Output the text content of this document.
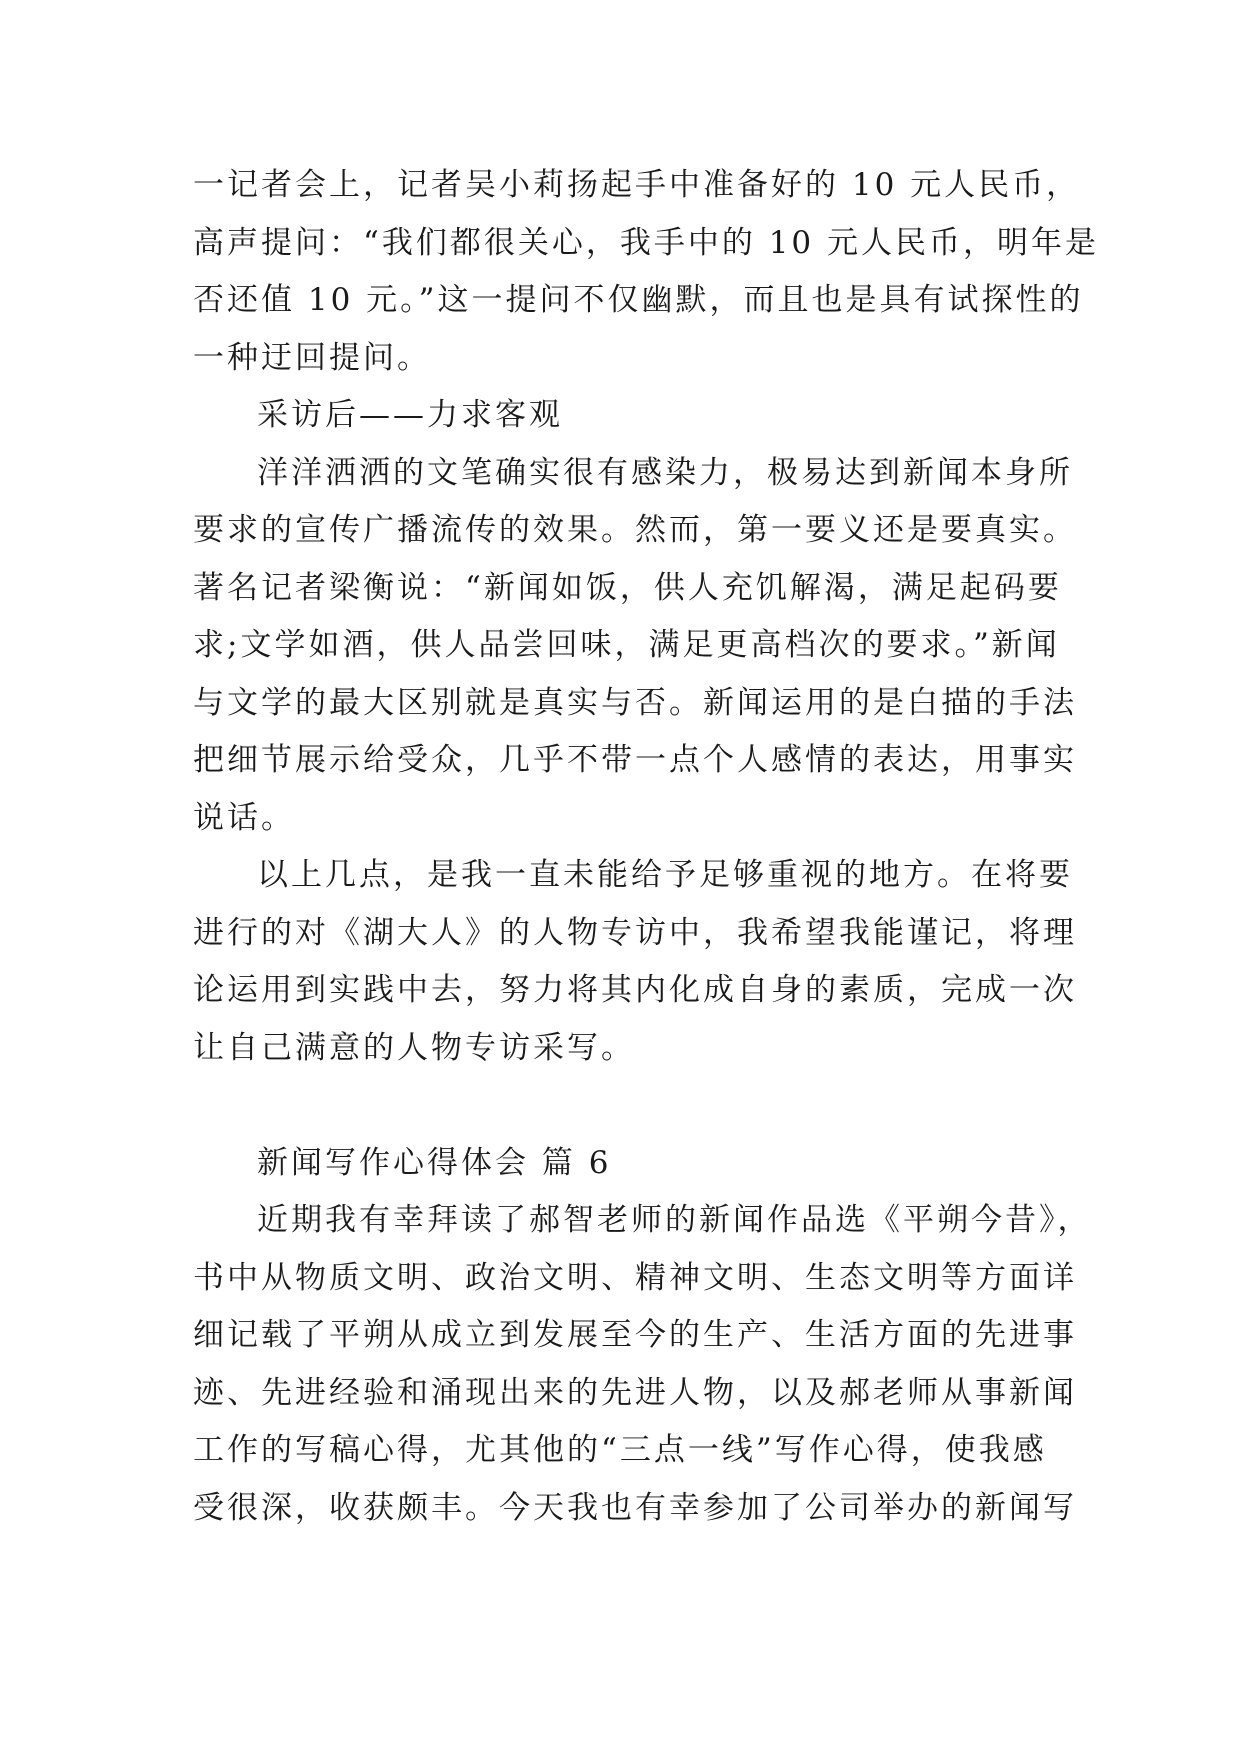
一记者会上，记者吴小莉扬起手中准备好的 10 元人民币，
高声提问：“我们都很关心，我手中的 10 元人民币，明年是
否还值 10 元。”这一提问不仅幽默，而且也是具有试探性的
一种迂回提问。
采访后——力求客观
洋洋洒洒的文笔确实很有感染力，极易达到新闻本身所
要求的宣传广播流传的效果。然而，第一要义还是要真实。
著名记者梁衡说：“新闻如饭，供人充饥解渴，满足起码要
求;文学如酒，供人品尝回味，满足更高档次的要求。”新闻
与文学的最大区别就是真实与否。新闻运用的是白描的手法
把细节展示给受众，几乎不带一点个人感情的表达，用事实
说话。
以上几点，是我一直未能给予足够重视的地方。在将要
进行的对《湖大人》的人物专访中，我希望我能谨记，将理
论运用到实践中去，努力将其内化成自身的素质，完成一次
让自己满意的人物专访采写。
新闻写作心得体会 篇 6
近期我有幸拜读了郝智老师的新闻作品选《平朔今昔》，
书中从物质文明、政治文明、精神文明、生态文明等方面详
细记载了平朔从成立到发展至今的生产、生活方面的先进事
迹、先进经验和涌现出来的先进人物，以及郝老师从事新闻
工作的写稿心得，尤其他的“三点一线”写作心得，使我感
受很深，收获颇丰。今天我也有幸参加了公司举办的新闻写
